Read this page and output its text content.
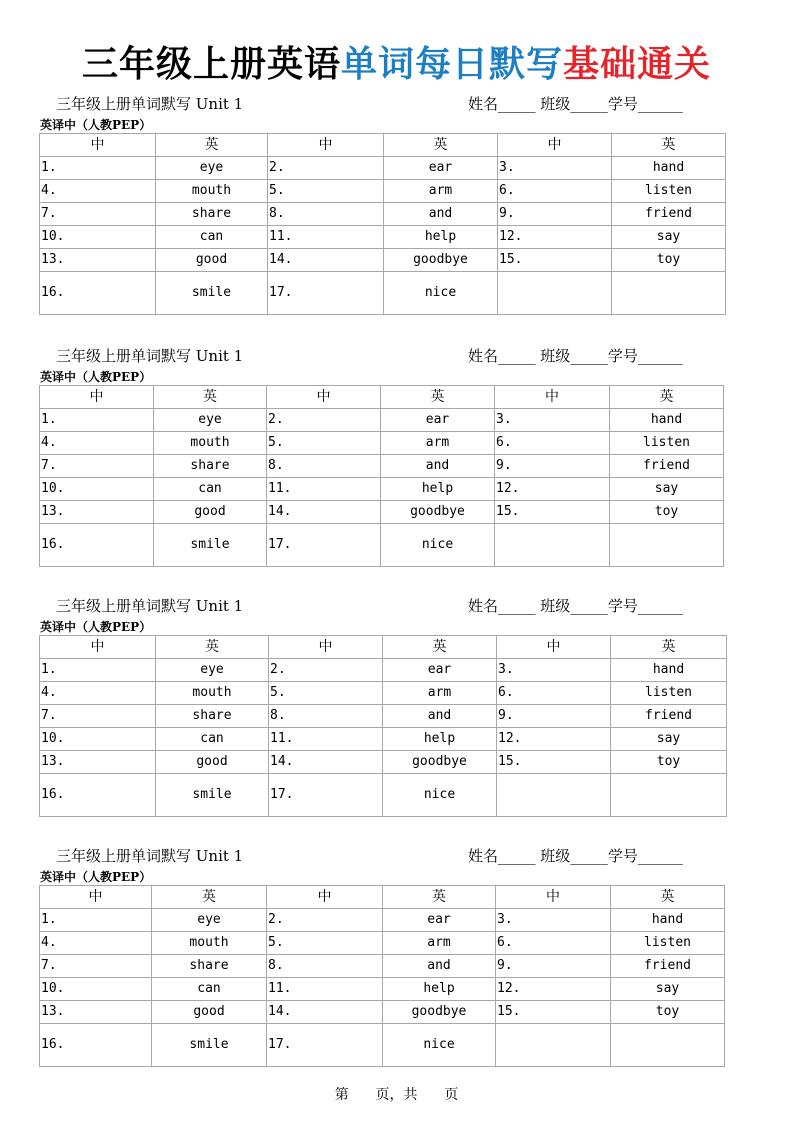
三年级上册英语单词每日默写基础通关
三年级上册单词默写 Unit 1	姓名_____ 班级_____学号______
英译中（人教PEP）
中	英	中	英	中	英
1.	eye	2.	ear	3.	hand
4.	mouth	5.	arm	6.	listen
7.	share	8.	and	9.	friend
10.	can	11.	help	12.	say
13.	good	14.	goodbye	15.	toy
16.	smile	17.	nice		
三年级上册单词默写 Unit 1	姓名_____ 班级_____学号______
英译中（人教PEP）
中	英	中	英	中	英
1.	eye	2.	ear	3.	hand
4.	mouth	5.	arm	6.	listen
7.	share	8.	and	9.	friend
10.	can	11.	help	12.	say
13.	good	14.	goodbye	15.	toy
16.	smile	17.	nice		
三年级上册单词默写 Unit 1	姓名_____ 班级_____学号______
英译中（人教PEP）
中	英	中	英	中	英
1.	eye	2.	ear	3.	hand
4.	mouth	5.	arm	6.	listen
7.	share	8.	and	9.	friend
10.	can	11.	help	12.	say
13.	good	14.	goodbye	15.	toy
16.	smile	17.	nice		
三年级上册单词默写 Unit 1	姓名_____ 班级_____学号______
英译中（人教PEP）
中	英	中	英	中	英
1.	eye	2.	ear	3.	hand
4.	mouth	5.	arm	6.	listen
7.	share	8.	and	9.	friend
10.	can	11.	help	12.	say
13.	good	14.	goodbye	15.	toy
16.	smile	17.	nice		
第 页，共 页
